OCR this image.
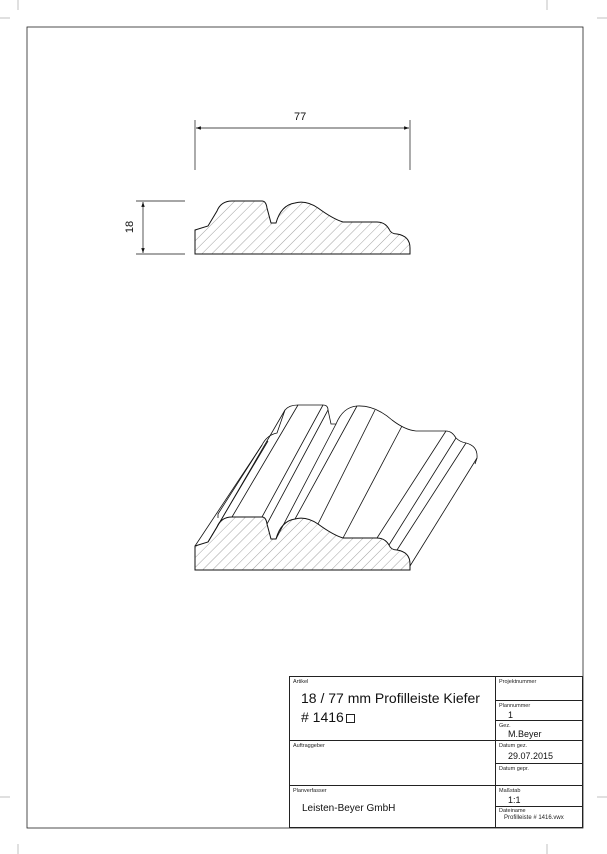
77
18
Artikel
18 / 77 mm Profilleiste Kiefer
# 1416
Auftraggeber
Planverfasser
Leisten-Beyer GmbH
Projektnummer
Plannummer
1
Gez.
M.Beyer
Datum gez.
29.07.2015
Datum gepr.
Maßstab
1:1
Dateiname
Profilleiste # 1416.vwx
